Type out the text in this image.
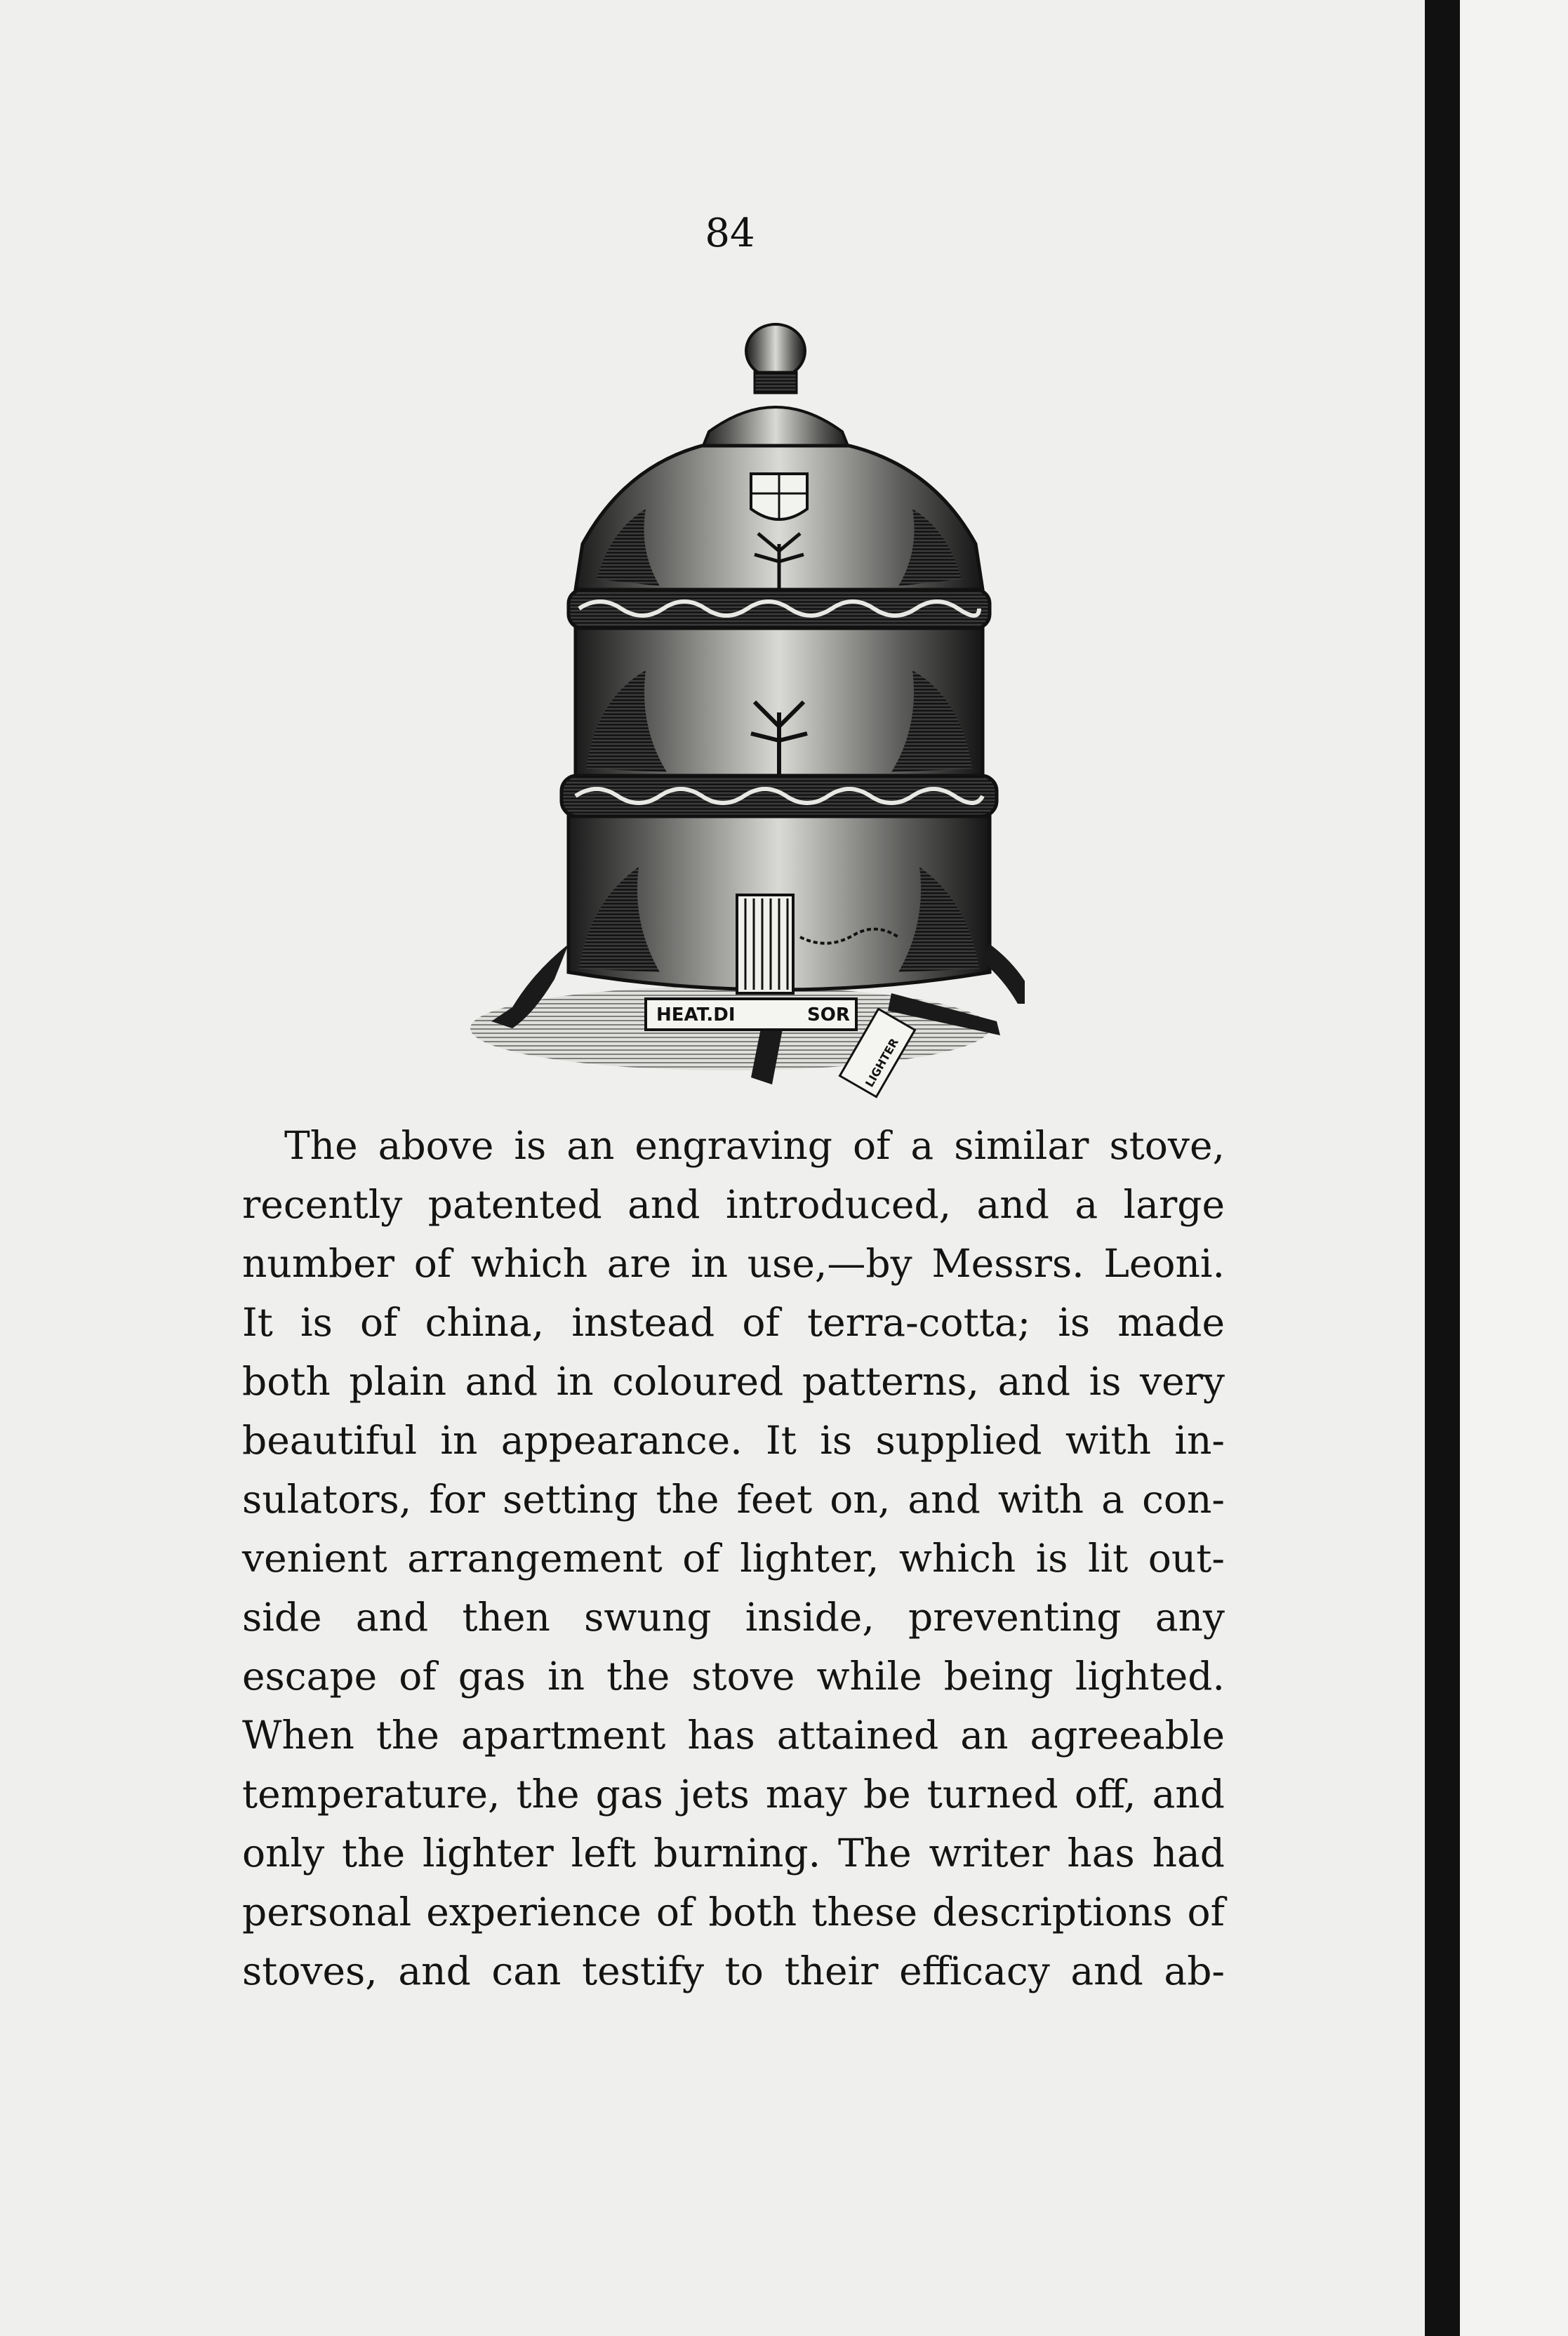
84
HEAT.DI	SOR
LIGHTER
The above is an engraving of a similar stove,
recently patented and introduced, and a large
number of which are in use,—by Messrs. Leoni.
It is of china, instead of terra-cotta; is made
both plain and in coloured patterns, and is very
beautiful in appearance. It is supplied with in-
sulators, for setting the feet on, and with a con-
venient arrangement of lighter, which is lit out-
side and then swung inside, preventing any
escape of gas in the stove while being lighted.
When the apartment has attained an agreeable
temperature, the gas jets may be turned off, and
only the lighter left burning. The writer has had
personal experience of both these descriptions of
stoves, and can testify to their efficacy and ab-
